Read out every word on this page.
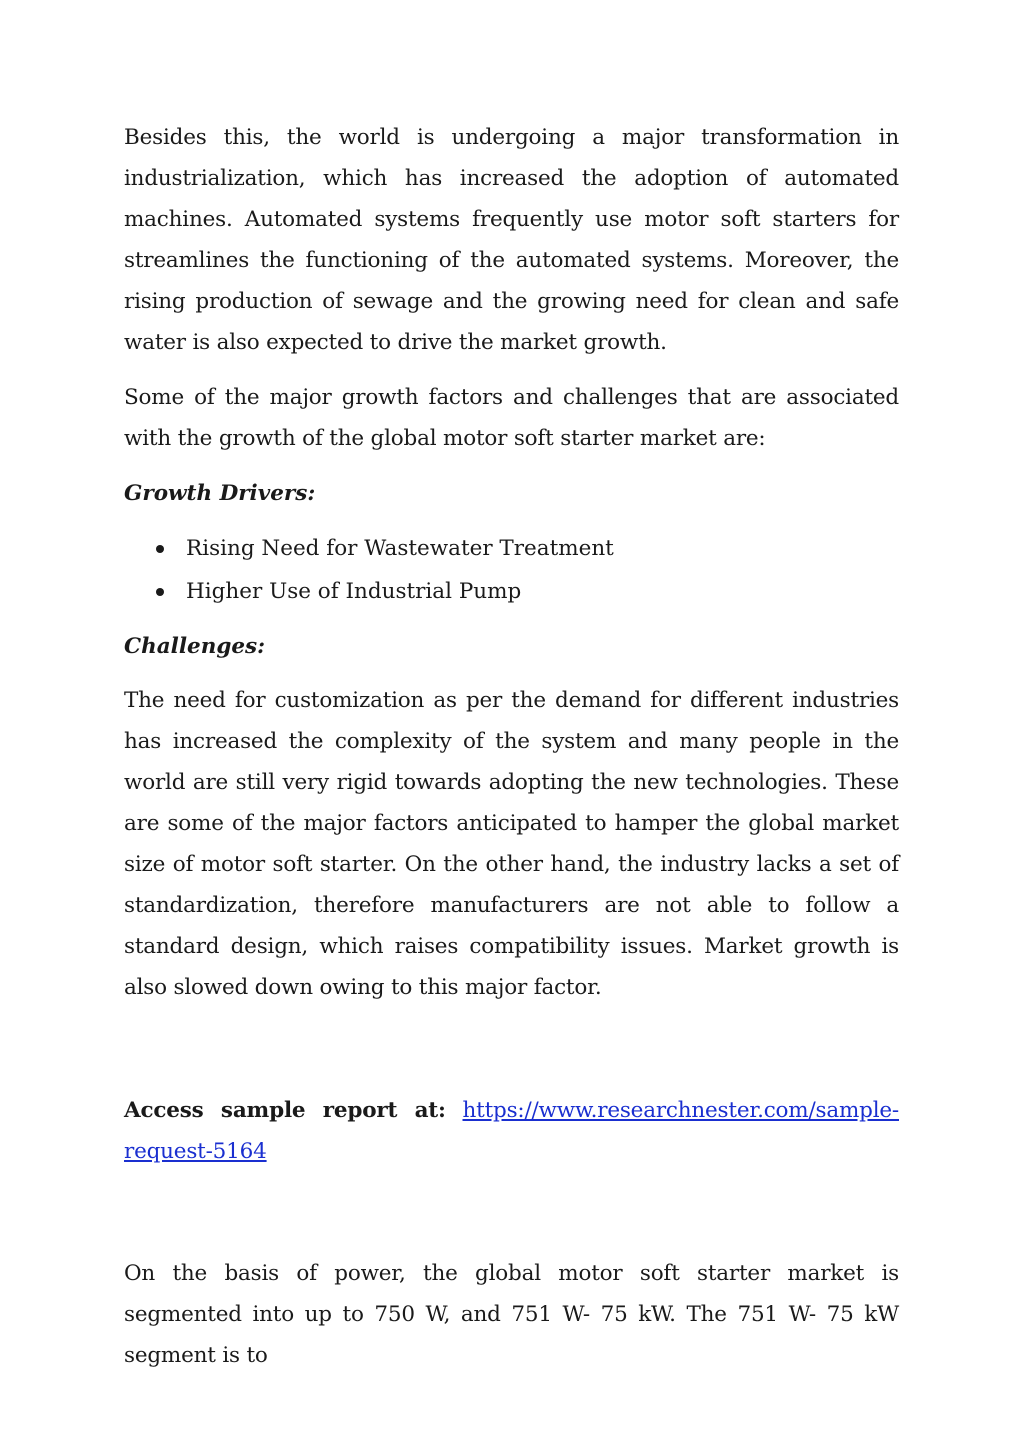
Besides this, the world is undergoing a major transformation in industrialization, which has increased the adoption of automated machines. Automated systems frequently use motor soft starters for streamlines the functioning of the automated systems. Moreover, the rising production of sewage and the growing need for clean and safe water is also expected to drive the market growth.

Some of the major growth factors and challenges that are associated with the growth of the global motor soft starter market are:

Growth Drivers:
Rising Need for Wastewater Treatment
Higher Use of Industrial Pump
Challenges:

The need for customization as per the demand for different industries has increased the complexity of the system and many people in the world are still very rigid towards adopting the new technologies. These are some of the major factors anticipated to hamper the global market size of motor soft starter. On the other hand, the industry lacks a set of standardization, therefore manufacturers are not able to follow a standard design, which raises compatibility issues. Market growth is also slowed down owing to this major factor.

Access sample report at: https://www.researchnester.com/sample-request-5164

On the basis of power, the global motor soft starter market is segmented into up to 750 W, and 751 W- 75 kW. The 751 W- 75 kW segment is to
